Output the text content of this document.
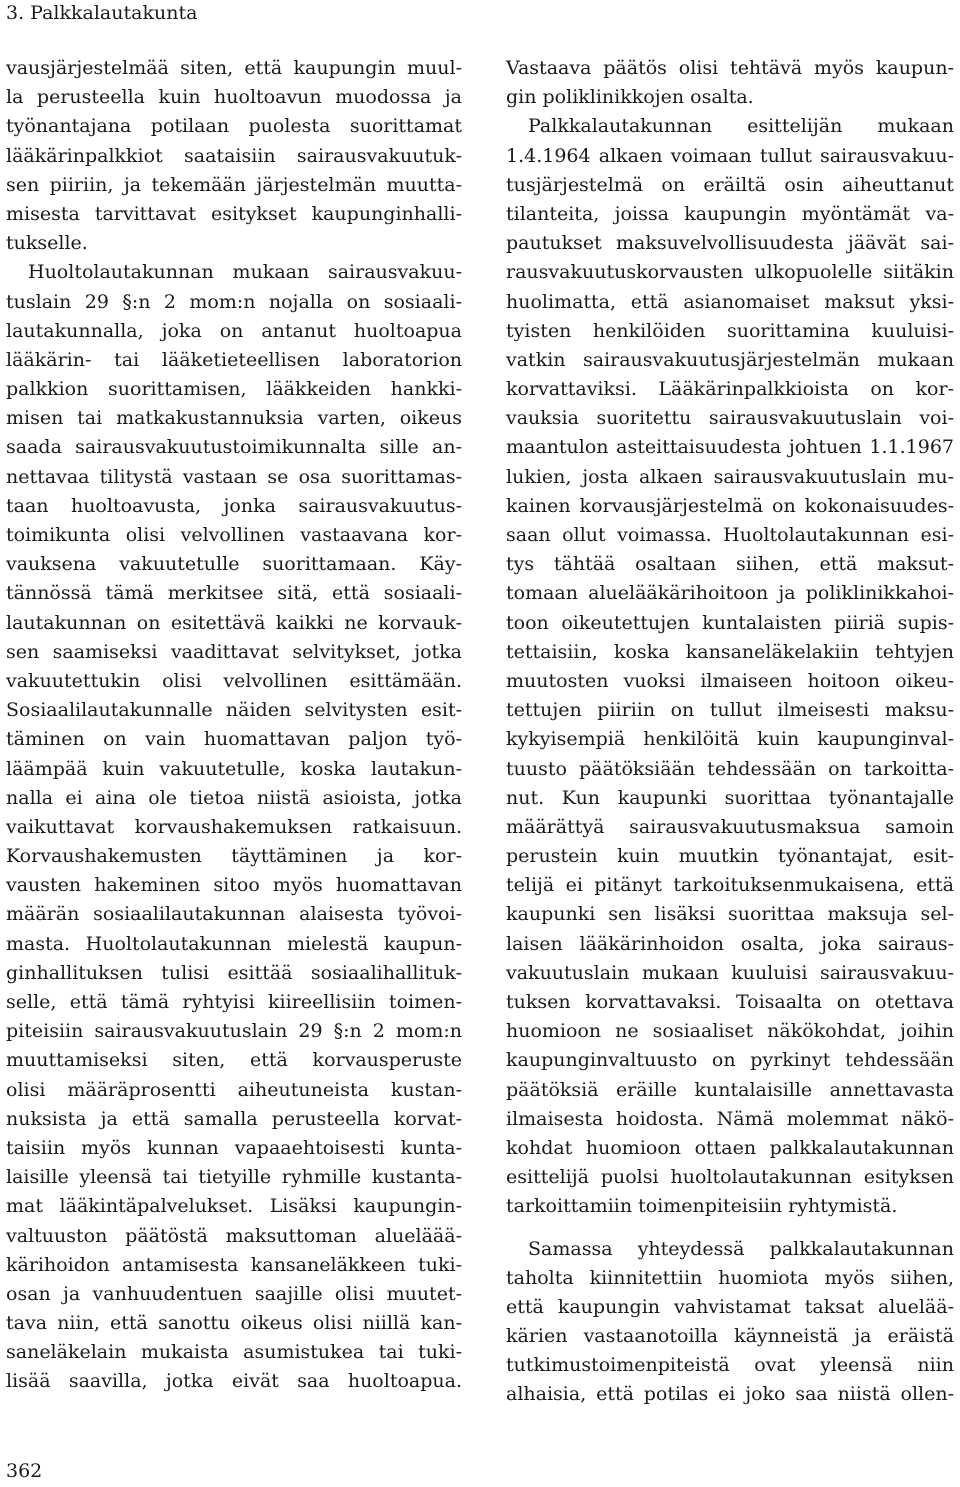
3. Palkkalautakunta
vausjärjestelmää siten, että kaupungin muul-
la perusteella kuin huoltoavun muodossa ja
työnantajana potilaan puolesta suorittamat
lääkärinpalkkiot saataisiin sairausvakuutuk-
sen piiriin, ja tekemään järjestelmän muutta-
misesta tarvittavat esitykset kaupunginhalli-
tukselle.
Huoltolautakunnan mukaan sairausvakuu-
tuslain 29 §:n 2 mom:n nojalla on sosiaali-
lautakunnalla, joka on antanut huoltoapua
lääkärin- tai lääketieteellisen laboratorion
palkkion suorittamisen, lääkkeiden hankki-
misen tai matkakustannuksia varten, oikeus
saada sairausvakuutustoimikunnalta sille an-
nettavaa tilitystä vastaan se osa suorittamas-
taan huoltoavusta, jonka sairausvakuutus-
toimikunta olisi velvollinen vastaavana kor-
vauksena vakuutetulle suorittamaan. Käy-
tännössä tämä merkitsee sitä, että sosiaali-
lautakunnan on esitettävä kaikki ne korvauk-
sen saamiseksi vaadittavat selvitykset, jotka
vakuutettukin olisi velvollinen esittämään.
Sosiaalilautakunnalle näiden selvitysten esit-
täminen on vain huomattavan paljon työ-
läämpää kuin vakuutetulle, koska lautakun-
nalla ei aina ole tietoa niistä asioista, jotka
vaikuttavat korvaushakemuksen ratkaisuun.
Korvaushakemusten täyttäminen ja kor-
vausten hakeminen sitoo myös huomattavan
määrän sosiaalilautakunnan alaisesta työvoi-
masta. Huoltolautakunnan mielestä kaupun-
ginhallituksen tulisi esittää sosiaalihallituk-
selle, että tämä ryhtyisi kiireellisiin toimen-
piteisiin sairausvakuutuslain 29 §:n 2 mom:n
muuttamiseksi siten, että korvausperuste
olisi määräprosentti aiheutuneista kustan-
nuksista ja että samalla perusteella korvat-
taisiin myös kunnan vapaaehtoisesti kunta-
laisille yleensä tai tietyille ryhmille kustanta-
mat lääkintäpalvelukset. Lisäksi kaupungin-
valtuuston päätöstä maksuttoman alueläää-
kärihoidon antamisesta kansaneläkkeen tuki-
osan ja vanhuudentuen saajille olisi muutet-
tava niin, että sanottu oikeus olisi niillä kan-
saneläkelain mukaista asumistukea tai tuki-
lisää saavilla, jotka eivät saa huoltoapua.
Vastaava päätös olisi tehtävä myös kaupun-
gin poliklinikkojen osalta.
Palkkalautakunnan esittelijän mukaan
1.4.1964 alkaen voimaan tullut sairausvakuu-
tusjärjestelmä on eräiltä osin aiheuttanut
tilanteita, joissa kaupungin myöntämät va-
pautukset maksuvelvollisuudesta jäävät sai-
rausvakuutuskorvausten ulkopuolelle siitäkin
huolimatta, että asianomaiset maksut yksi-
tyisten henkilöiden suorittamina kuuluisi-
vatkin sairausvakuutusjärjestelmän mukaan
korvattaviksi. Lääkärinpalkkioista on kor-
vauksia suoritettu sairausvakuutuslain voi-
maantulon asteittaisuudesta johtuen 1.1.1967
lukien, josta alkaen sairausvakuutuslain mu-
kainen korvausjärjestelmä on kokonaisuudes-
saan ollut voimassa. Huoltolautakunnan esi-
tys tähtää osaltaan siihen, että maksut-
tomaan aluelääkärihoitoon ja poliklinikkahoi-
toon oikeutettujen kuntalaisten piiriä supis-
tettaisiin, koska kansaneläkelakiin tehtyjen
muutosten vuoksi ilmaiseen hoitoon oikeu-
tettujen piiriin on tullut ilmeisesti maksu-
kykyisempiä henkilöitä kuin kaupunginval-
tuusto päätöksiään tehdessään on tarkoitta-
nut. Kun kaupunki suorittaa työnantajalle
määrättyä sairausvakuutusmaksua samoin
perustein kuin muutkin työnantajat, esit-
telijä ei pitänyt tarkoituksenmukaisena, että
kaupunki sen lisäksi suorittaa maksuja sel-
laisen lääkärinhoidon osalta, joka sairaus-
vakuutuslain mukaan kuuluisi sairausvakuu-
tuksen korvattavaksi. Toisaalta on otettava
huomioon ne sosiaaliset näkökohdat, joihin
kaupunginvaltuusto on pyrkinyt tehdessään
päätöksiä eräille kuntalaisille annettavasta
ilmaisesta hoidosta. Nämä molemmat näkö-
kohdat huomioon ottaen palkkalautakunnan
esittelijä puolsi huoltolautakunnan esityksen
tarkoittamiin toimenpiteisiin ryhtymistä.
Samassa yhteydessä palkkalautakunnan
taholta kiinnitettiin huomiota myös siihen,
että kaupungin vahvistamat taksat aluelää-
kärien vastaanotoilla käynneistä ja eräistä
tutkimustoimenpiteistä ovat yleensä niin
alhaisia, että potilas ei joko saa niistä ollen-
362
